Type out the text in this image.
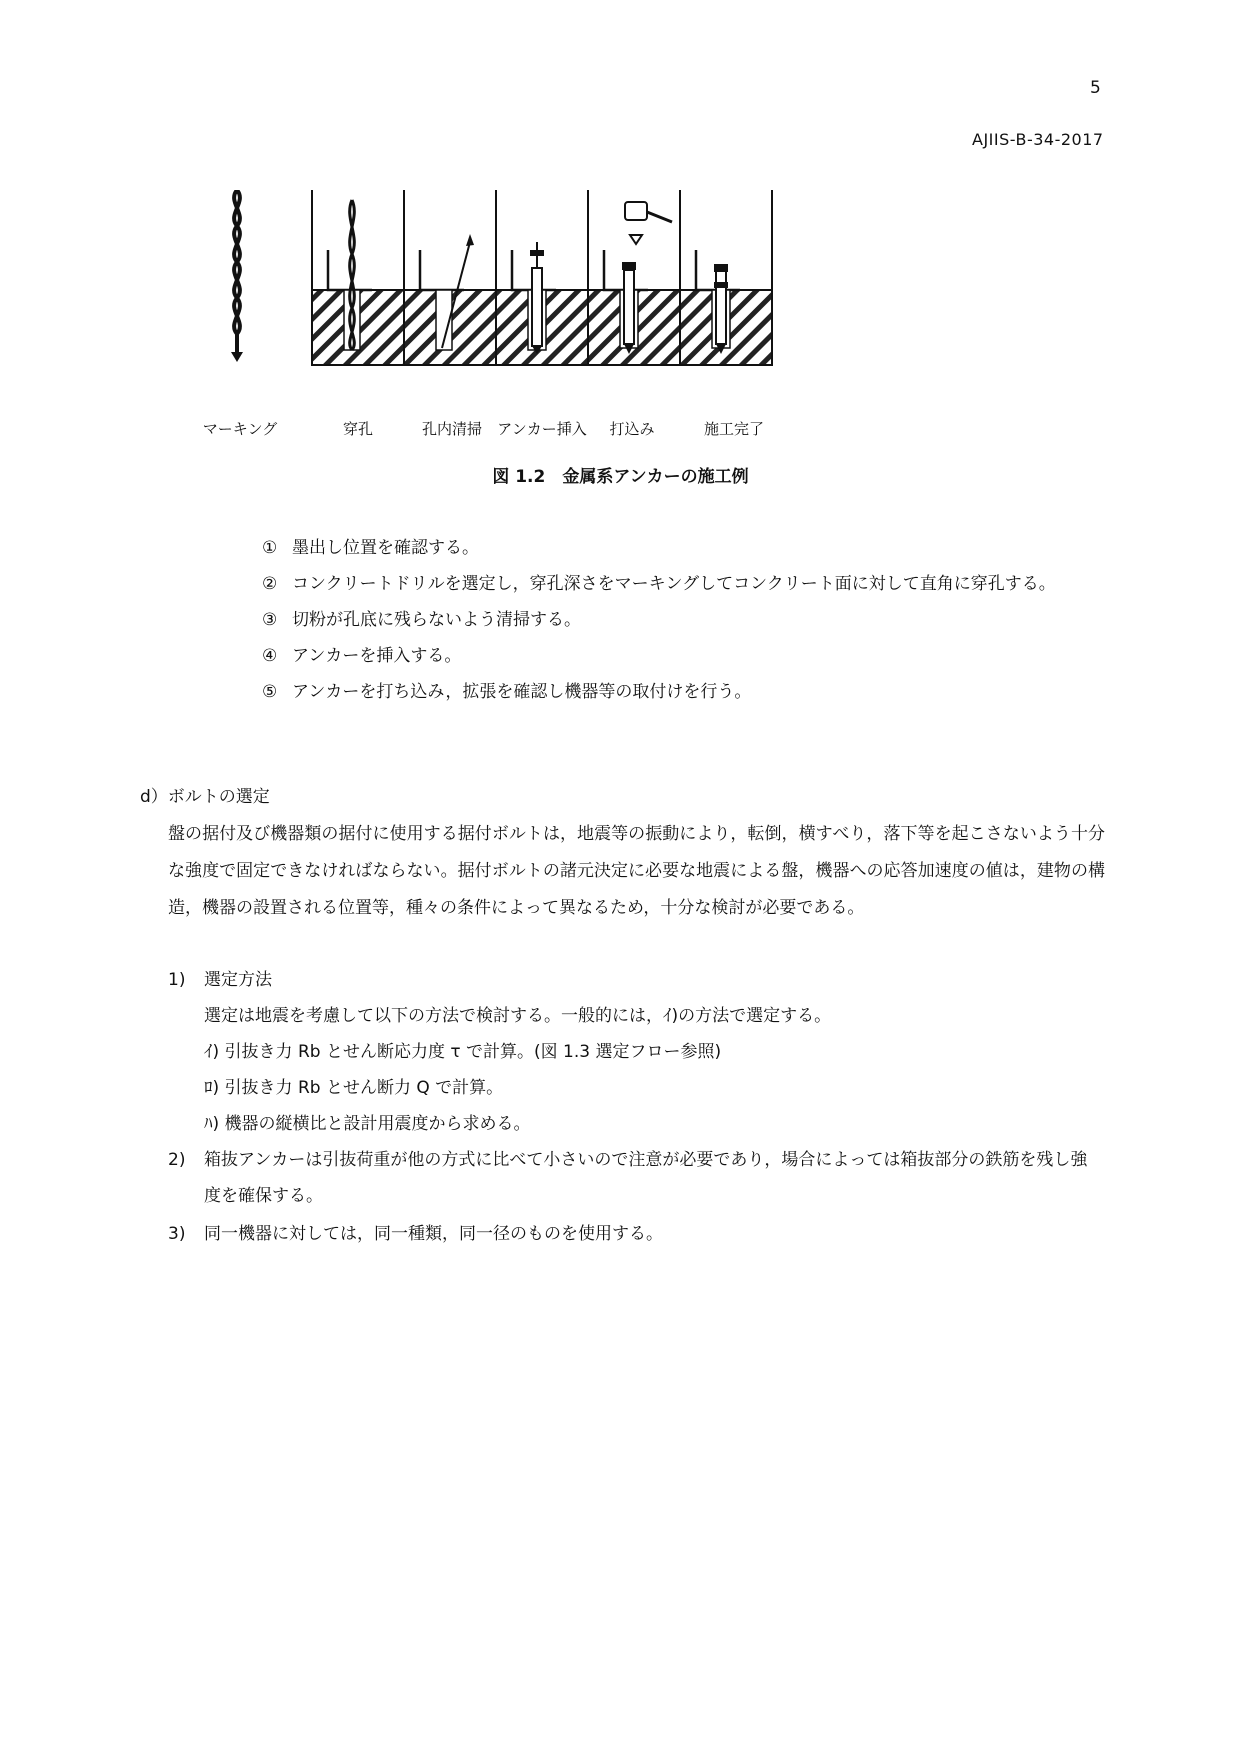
5
AJIIS-B-34-2017
マーキング	穿孔	孔内清掃 アンカー挿入 打込み	施工完了
図 1.2　金属系アンカーの施工例
① 墨出し位置を確認する。
② コンクリートドリルを選定し，穿孔深さをマーキングしてコンクリート面に対して直角に穿孔する。
③ 切粉が孔底に残らないよう清掃する。
④ アンカーを挿入する。
⑤ アンカーを打ち込み，拡張を確認し機器等の取付けを行う。
d）ボルトの選定
盤の据付及び機器類の据付に使用する据付ボルトは，地震等の振動により，転倒，横すべり，落下等を起こさないよう十分な強度で固定できなければならない。据付ボルトの諸元決定に必要な地震による盤，機器への応答加速度の値は，建物の構造，機器の設置される位置等，種々の条件によって異なるため，十分な検討が必要である。
1) 選定方法
選定は地震を考慮して以下の方法で検討する。一般的には，ｲ)の方法で選定する。
ｲ) 引抜き力 Rb とせん断応力度 τ で計算。(図 1.3 選定フロー参照)
ﾛ) 引抜き力 Rb とせん断力 Q で計算。
ﾊ) 機器の縦横比と設計用震度から求める。
2) 箱抜アンカーは引抜荷重が他の方式に比べて小さいので注意が必要であり，場合によっては箱抜部分の鉄筋を残し強度を確保する。
3) 同一機器に対しては，同一種類，同一径のものを使用する。
